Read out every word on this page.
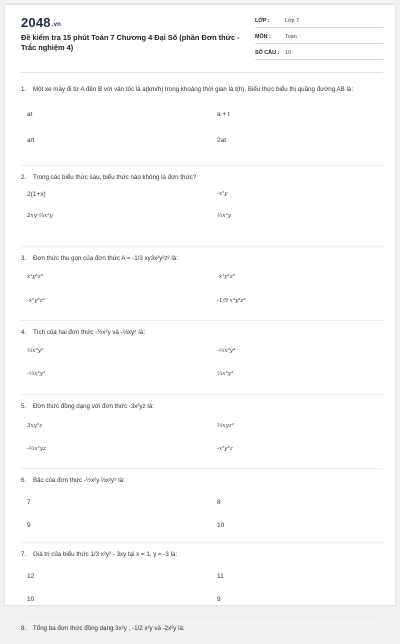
2048.vn
Đề kiểm tra 15 phút Toán 7 Chương 4 Đại Số (phần Đơn thức - Trắc nghiệm 4)
LỚP :	Lớp 7
MÔN :	Toán
SỐ CÂU :	10
1.	Một xe máy đi từ A đến B với vận tốc là a(km/h) trong khoảng thời gian là t(h). Biểu thức biểu thị quãng đường AB là:
at	a + t
a/t	2at
2.	Trong các biểu thức sau, biểu thức nào không là đơn thức?
2(1+x)	-x²y
2xy·⅔x²y	⅓x²y
3.	Đơn thức thu gọn của đơn thức A = -1/3 xy3x²y²z² là:
x²y³z³	-x²y³z³
-x²y³z²	-1/9 x³y³z³
4.	Tích của hai đơn thức -½x²y và -⅔xy⁴ là:
⅓x³y⁵	-⅓x³y⁴
-⅓x³y⁵	⅓x³y³
5.	Đơn thức đồng dạng với đơn thức -3x²yz là:
3xy²z	⅔xyz²
-⅔x²yz	-x²y²z
6.	Bậc của đơn thức -½x²y.⅔x²y⁵ là:
7	8
9	10
7.	Giá trị của biểu thức 1/3 x²y² - 3xy tại x = 1, y = -3 là:
12	11
10	9
8.	Tổng ba đơn thức đồng dạng 3x²y , -1/2 x²y và -2x²y là:
